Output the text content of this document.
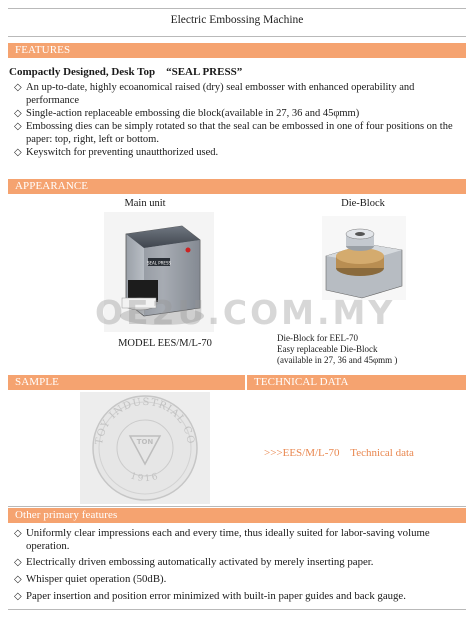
Electric Embossing Machine
FEATURES
Compactly Designed, Desk Top    “SEAL PRESS”
◇ An up-to-date, highly ecoanomical raised (dry) seal embosser with enhanced operability and performance
◇ Single-action replaceable embossing die block(available in 27, 36 and 45φmm)
◇ Embossing dies can be simply rotated so that the seal can be embossed in one of four positions on the paper: top, right, left or bottom.
◇ Keyswitch for preventing unautthorized used.
APPEARANCE
Main unit	Die-Block
SEAL PRESS
MODEL EES/M/L-70	Die-Block for EEL-70
Easy replaceable Die-Block
(available in 27, 36 and 45φmm )
OE2U.COM.MY
SAMPLE	TECHNICAL DATA
TOY INDUSTRIAL CO
1916
TON
>>>EES/M/L-70    Technical data
Other primary features
◇ Uniformly clear impressions each and every time, thus ideally suited for labor-saving volume operation.
◇ Electrically driven embossing automatically activated by merely inserting paper.
◇ Whisper quiet operation (50dB).
◇ Paper insertion and position error minimized with built-in paper guides and back gauge.
